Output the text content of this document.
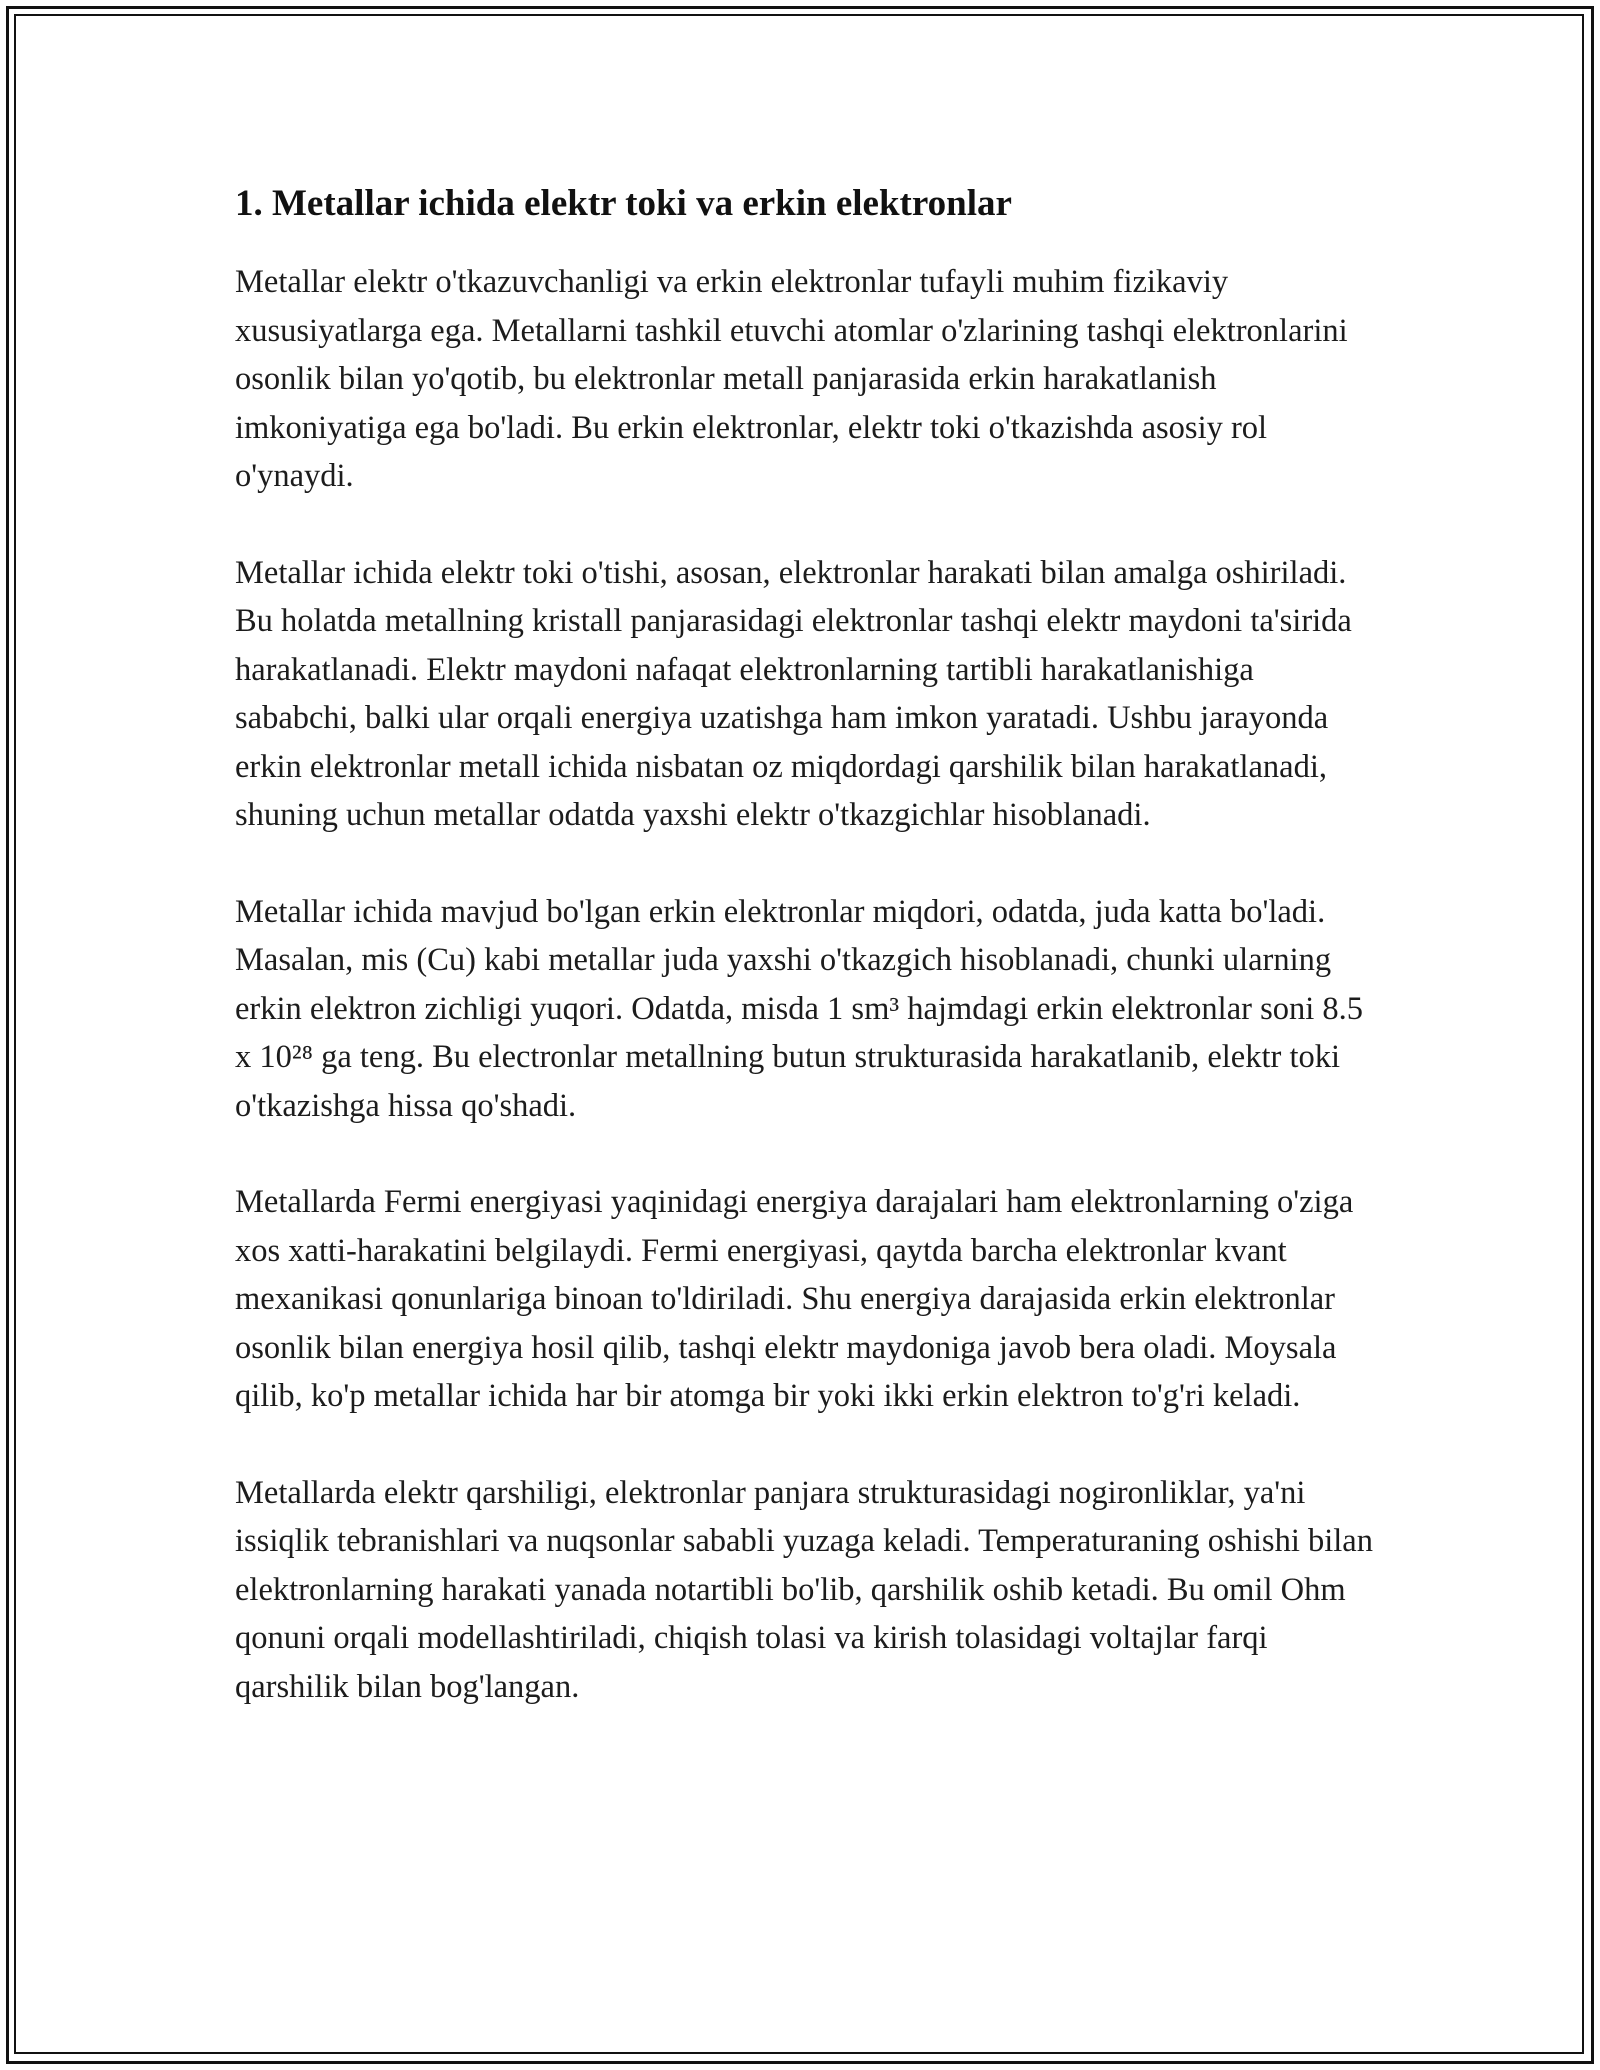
1. Metallar ichida elektr toki va erkin elektronlar

Metallar elektr o'tkazuvchanligi va erkin elektronlar tufayli muhim fizikaviy xususiyatlarga ega. Metallarni tashkil etuvchi atomlar o'zlarining tashqi elektronlarini osonlik bilan yo'qotib, bu elektronlar metall panjarasida erkin harakatlanish imkoniyatiga ega bo'ladi. Bu erkin elektronlar, elektr toki o'tkazishda asosiy rol o'ynaydi.

Metallar ichida elektr toki o'tishi, asosan, elektronlar harakati bilan amalga oshiriladi. Bu holatda metallning kristall panjarasidagi elektronlar tashqi elektr maydoni ta'sirida harakatlanadi. Elektr maydoni nafaqat elektronlarning tartibli harakatlanishiga sababchi, balki ular orqali energiya uzatishga ham imkon yaratadi. Ushbu jarayonda erkin elektronlar metall ichida nisbatan oz miqdordagi qarshilik bilan harakatlanadi, shuning uchun metallar odatda yaxshi elektr o'tkazgichlar hisoblanadi.

Metallar ichida mavjud bo'lgan erkin elektronlar miqdori, odatda, juda katta bo'ladi. Masalan, mis (Cu) kabi metallar juda yaxshi o'tkazgich hisoblanadi, chunki ularning erkin elektron zichligi yuqori. Odatda, misda 1 sm³ hajmdagi erkin elektronlar soni 8.5 x 10²⁸ ga teng. Bu electronlar metallning butun strukturasida harakatlanib, elektr toki o'tkazishga hissa qo'shadi.

Metallarda Fermi energiyasi yaqinidagi energiya darajalari ham elektronlarning o'ziga xos xatti-harakatini belgilaydi. Fermi energiyasi, qaytda barcha elektronlar kvant mexanikasi qonunlariga binoan to'ldiriladi. Shu energiya darajasida erkin elektronlar osonlik bilan energiya hosil qilib, tashqi elektr maydoniga javob bera oladi. Moysala qilib, ko'p metallar ichida har bir atomga bir yoki ikki erkin elektron to'g'ri keladi.

Metallarda elektr qarshiligi, elektronlar panjara strukturasidagi nogironliklar, ya'ni issiqlik tebranishlari va nuqsonlar sababli yuzaga keladi. Temperaturaning oshishi bilan elektronlarning harakati yanada notartibli bo'lib, qarshilik oshib ketadi. Bu omil Ohm qonuni orqali modellashtiriladi, chiqish tolasi va kirish tolasidagi voltajlar farqi qarshilik bilan bog'langan.
